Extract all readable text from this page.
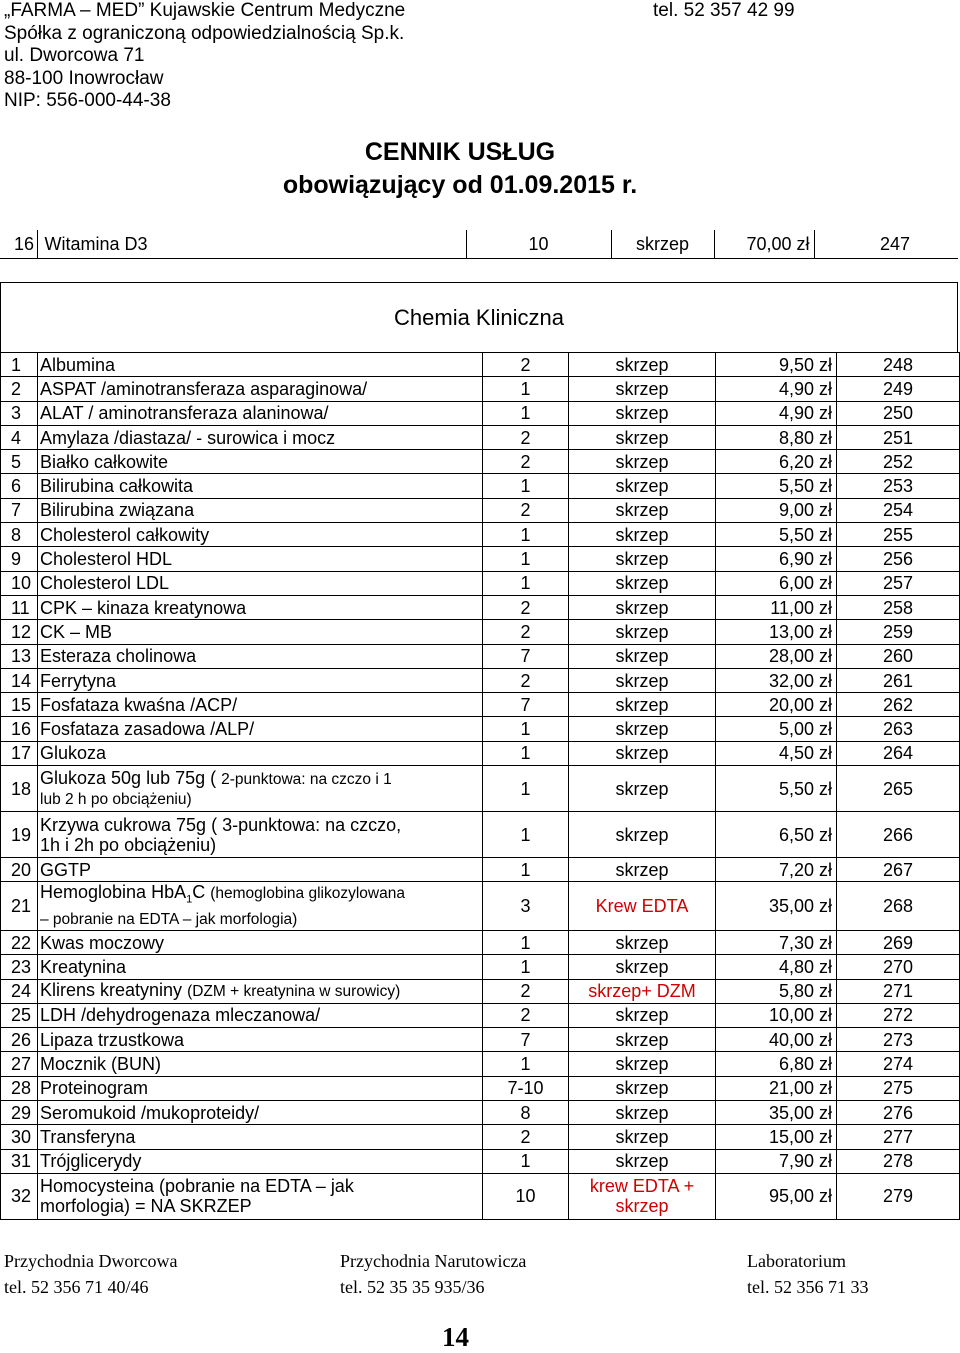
„FARMA – MED” Kujawskie Centrum Medyczne
Spółka z ograniczoną odpowiedzialnością Sp.k.
ul. Dworcowa 71
88-100 Inowrocław
NIP: 556-000-44-38
tel. 52 357 42 99
CENNIK USŁUG
obowiązujący od 01.09.2015 r.
16	Witamina D3	10	skrzep	70,00 zł	247
Chemia Kliniczna
1	Albumina	2	skrzep	9,50 zł	248
2	ASPAT /aminotransferaza asparaginowa/	1	skrzep	4,90 zł	249
3	ALAT / aminotransferaza alaninowa/	1	skrzep	4,90 zł	250
4	Amylaza /diastaza/ - surowica i mocz	2	skrzep	8,80 zł	251
5	Białko całkowite	2	skrzep	6,20 zł	252
6	Bilirubina całkowita	1	skrzep	5,50 zł	253
7	Bilirubina związana	2	skrzep	9,00 zł	254
8	Cholesterol całkowity	1	skrzep	5,50 zł	255
9	Cholesterol HDL	1	skrzep	6,90 zł	256
10	Cholesterol LDL	1	skrzep	6,00 zł	257
11	CPK – kinaza kreatynowa	2	skrzep	11,00 zł	258
12	CK – MB	2	skrzep	13,00 zł	259
13	Esteraza cholinowa	7	skrzep	28,00 zł	260
14	Ferrytyna	2	skrzep	32,00 zł	261
15	Fosfataza kwaśna /ACP/	7	skrzep	20,00 zł	262
16	Fosfataza zasadowa /ALP/	1	skrzep	5,00 zł	263
17	Glukoza	1	skrzep	4,50 zł	264
18	Glukoza 50g lub 75g ( 2-punktowa: na czczo i 1
lub 2 h po obciążeniu)	1	skrzep	5,50 zł	265
19	Krzywa cukrowa 75g ( 3-punktowa: na czczo,
1h i 2h po obciążeniu)	1	skrzep	6,50 zł	266
20	GGTP	1	skrzep	7,20 zł	267
21	Hemoglobina HbA$_1$C (hemoglobina glikozylowana
– pobranie na EDTA – jak morfologia)	3	Krew EDTA	35,00 zł	268
22	Kwas moczowy	1	skrzep	7,30 zł	269
23	Kreatynina	1	skrzep	4,80 zł	270
24	Klirens kreatyniny (DZM + kreatynina w surowicy)	2	skrzep+ DZM	5,80 zł	271
25	LDH /dehydrogenaza mleczanowa/	2	skrzep	10,00 zł	272
26	Lipaza trzustkowa	7	skrzep	40,00 zł	273
27	Mocznik (BUN)	1	skrzep	6,80 zł	274
28	Proteinogram	7-10	skrzep	21,00 zł	275
29	Seromukoid /mukoproteidy/	8	skrzep	35,00 zł	276
30	Transferyna	2	skrzep	15,00 zł	277
31	Trójglicerydy	1	skrzep	7,90 zł	278
32	Homocysteina (pobranie na EDTA – jak
morfologia) = NA SKRZEP	10	krew EDTA +
skrzep	95,00 zł	279
Przychodnia Dworcowa
tel. 52 356 71 40/46
Przychodnia Narutowicza
tel. 52 35 35 935/36
Laboratorium
tel. 52 356 71 33
14
